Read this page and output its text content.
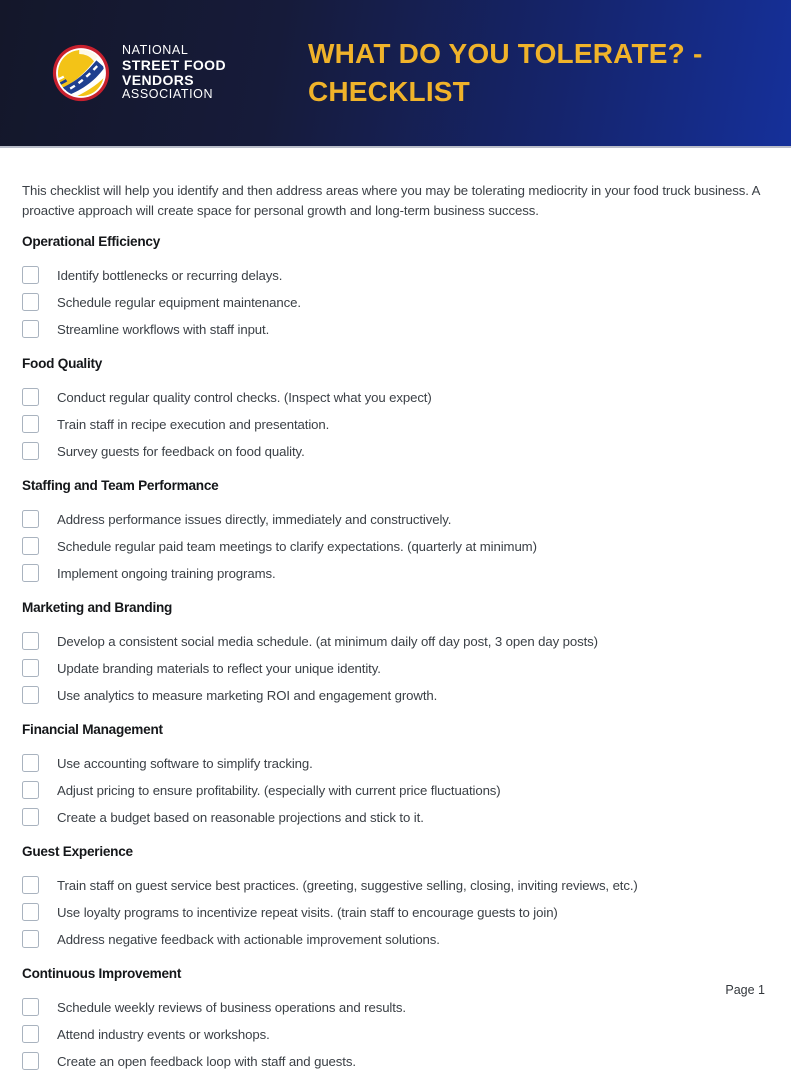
NATIONAL
STREET FOOD
VENDORS
ASSOCIATION
WHAT DO YOU TOLERATE? - CHECKLIST

This checklist will help you identify and then address areas where you may be tolerating mediocrity in your food truck business. A proactive approach will create space for personal growth and long-term business success.

Operational Efficiency
Identify bottlenecks or recurring delays.
Schedule regular equipment maintenance.
Streamline workflows with staff input.
Food Quality
Conduct regular quality control checks. (Inspect what you expect)
Train staff in recipe execution and presentation.
Survey guests for feedback on food quality.
Staffing and Team Performance
Address performance issues directly, immediately and constructively.
Schedule regular paid team meetings to clarify expectations. (quarterly at minimum)
Implement ongoing training programs.
Marketing and Branding
Develop a consistent social media schedule. (at minimum daily off day post, 3 open day posts)
Update branding materials to reflect your unique identity.
Use analytics to measure marketing ROI and engagement growth.
Financial Management
Use accounting software to simplify tracking.
Adjust pricing to ensure profitability. (especially with current price fluctuations)
Create a budget based on reasonable projections and stick to it.
Guest Experience
Train staff on guest service best practices. (greeting, suggestive selling, closing, inviting reviews, etc.)
Use loyalty programs to incentivize repeat visits. (train staff to encourage guests to join)
Address negative feedback with actionable improvement solutions.
Continuous Improvement
Schedule weekly reviews of business operations and results.
Attend industry events or workshops.
Create an open feedback loop with staff and guests.
Page 1
